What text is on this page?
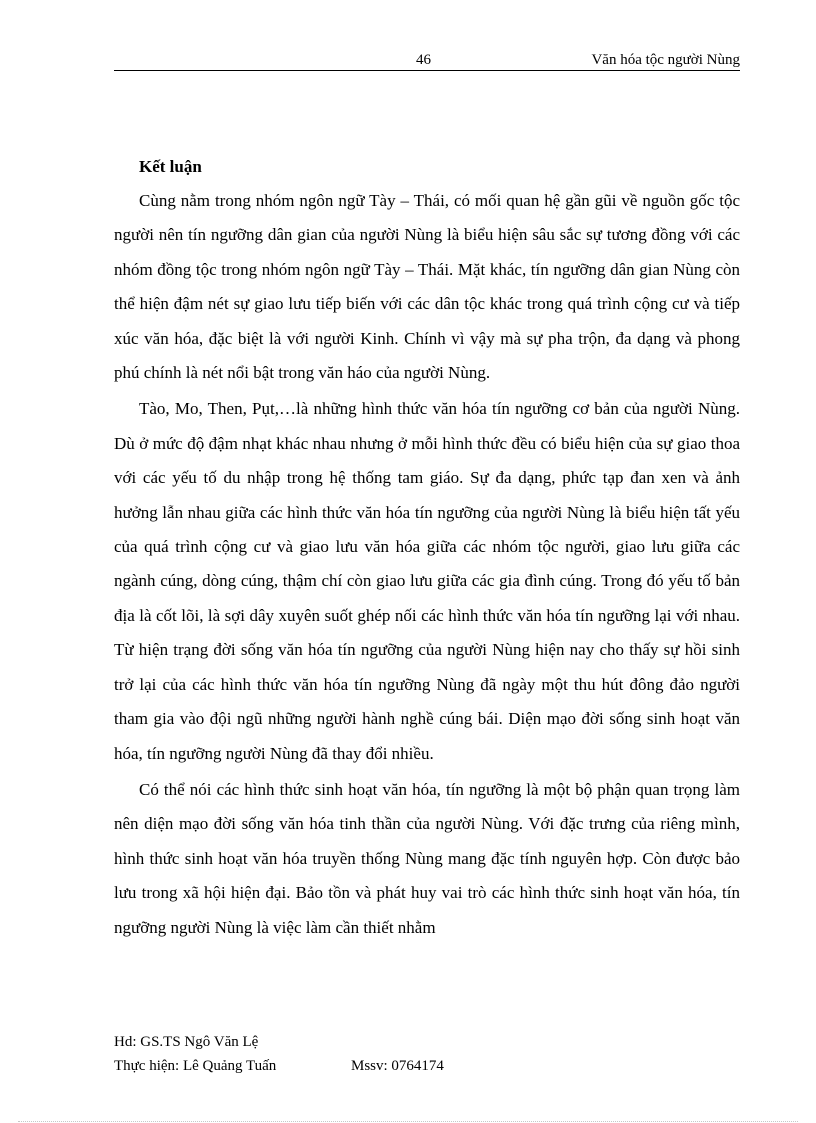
46	Văn hóa tộc người Nùng
Kết luận

Cùng nằm trong nhóm ngôn ngữ Tày – Thái, có mối quan hệ gần gũi về nguồn gốc tộc người nên tín ngưỡng dân gian của người Nùng là biểu hiện sâu sắc sự tương đồng với các nhóm đồng tộc trong nhóm ngôn ngữ Tày – Thái. Mặt khác, tín ngưỡng dân gian Nùng còn thể hiện đậm nét sự giao lưu tiếp biến với các dân tộc khác trong quá trình cộng cư và tiếp xúc văn hóa, đặc biệt là với người Kinh. Chính vì vậy mà sự pha trộn, đa dạng và phong phú chính là nét nổi bật trong văn háo của người Nùng.

Tào, Mo, Then, Pụt,…là những hình thức văn hóa tín ngưỡng cơ bản của người Nùng. Dù ở mức độ đậm nhạt khác nhau nhưng ở mỗi hình thức đều có biểu hiện của sự giao thoa với các yếu tố du nhập trong hệ thống tam giáo. Sự đa dạng, phức tạp đan xen và ảnh hưởng lẫn nhau giữa các hình thức văn hóa tín ngưỡng của người Nùng là biểu hiện tất yếu của quá trình cộng cư và giao lưu văn hóa giữa các nhóm tộc người, giao lưu giữa các ngành cúng, dòng cúng, thậm chí còn giao lưu giữa các gia đình cúng. Trong đó yếu tố bản địa là cốt lõi, là sợi dây xuyên suốt ghép nối các hình thức văn hóa tín ngưỡng lại với nhau. Từ hiện trạng đời sống văn hóa tín ngưỡng của người Nùng hiện nay cho thấy sự hồi sinh trở lại của các hình thức văn hóa tín ngưỡng Nùng đã ngày một thu hút đông đảo người tham gia vào đội ngũ những người hành nghề cúng bái. Diện mạo đời sống sinh hoạt văn hóa, tín ngưỡng người Nùng đã thay đổi nhiều.

Có thể nói các hình thức sinh hoạt văn hóa, tín ngưỡng là một bộ phận quan trọng làm nên diện mạo đời sống văn hóa tinh thần của người Nùng. Với đặc trưng của riêng mình, hình thức sinh hoạt văn hóa truyền thống Nùng mang đặc tính nguyên hợp. Còn được bảo lưu trong xã hội hiện đại. Bảo tồn và phát huy vai trò các hình thức sinh hoạt văn hóa, tín ngưỡng người Nùng là việc làm cần thiết nhằm

Hd: GS.TS Ngô Văn Lệ
Thực hiện: Lê Quảng Tuấn	Mssv: 0764174
